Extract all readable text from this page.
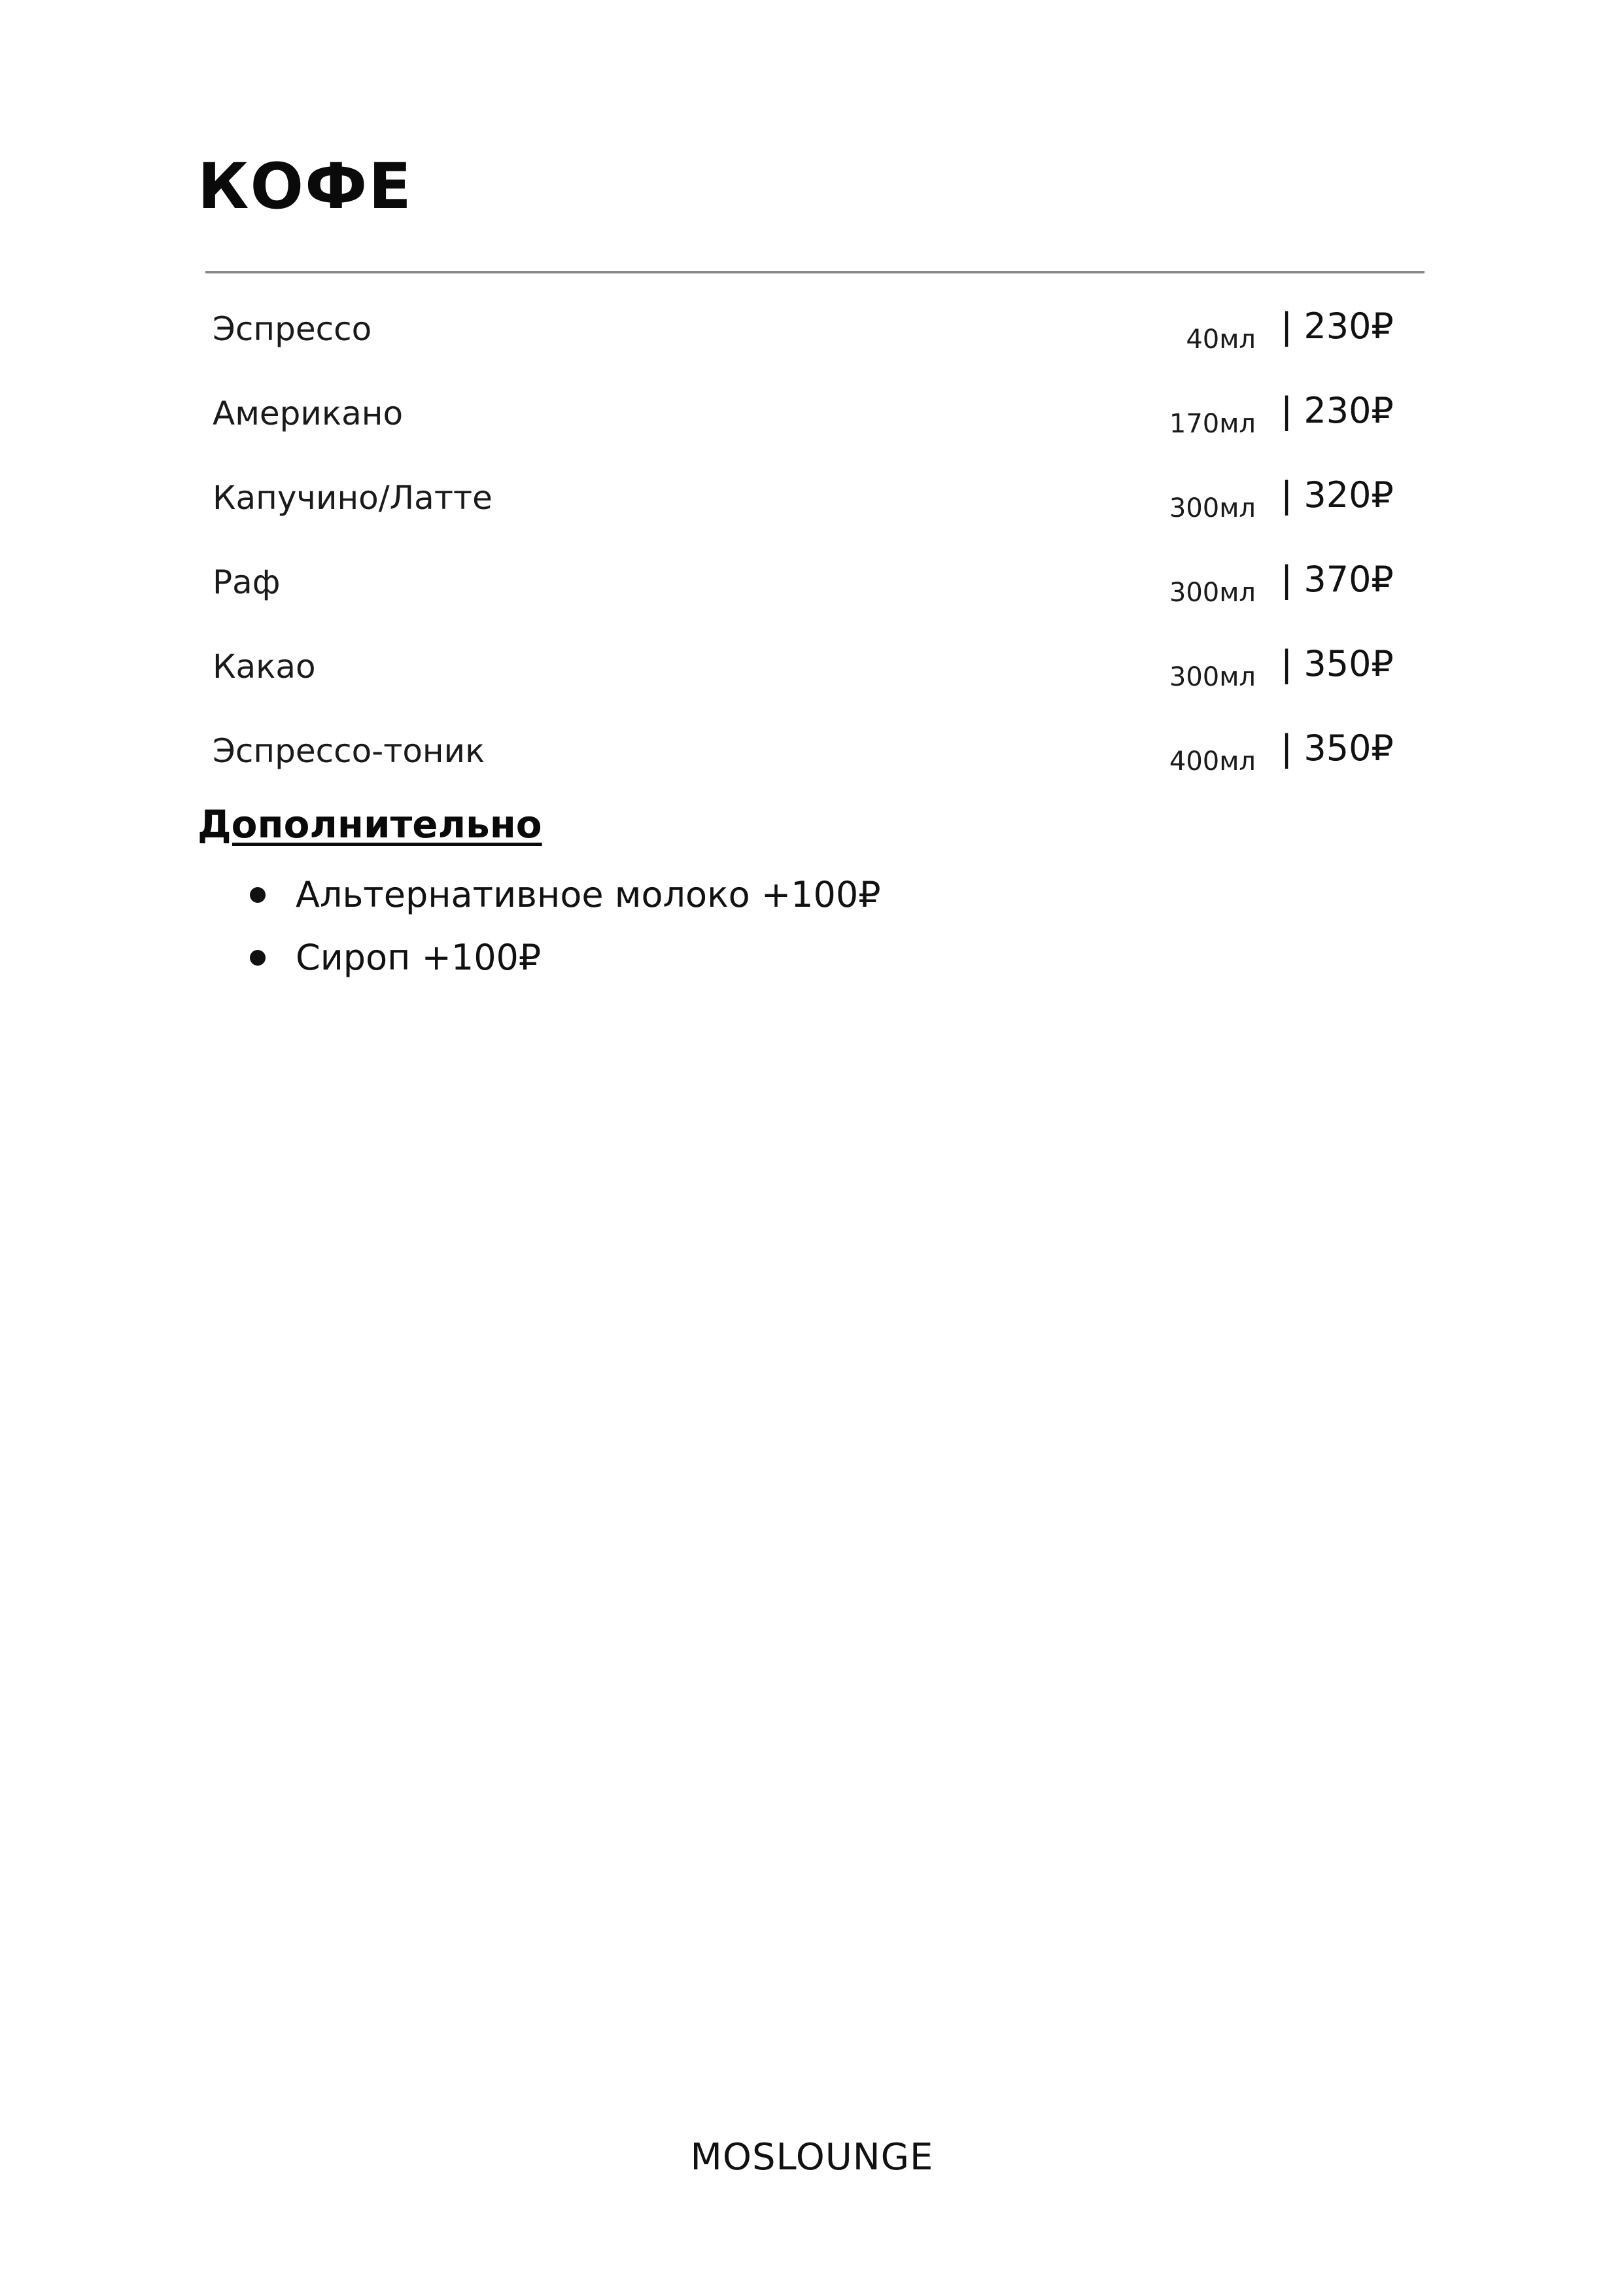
КОФЕ
Эспрессо	40мл | 230₽
Американо	170мл | 230₽
Капучино/Латте	300мл | 320₽
Раф	300мл | 370₽
Какао	300мл | 350₽
Эспрессо-тоник	400мл | 350₽
Дополнительно
Альтернативное молоко +100₽
Сироп +100₽
MOSLOUNGE
